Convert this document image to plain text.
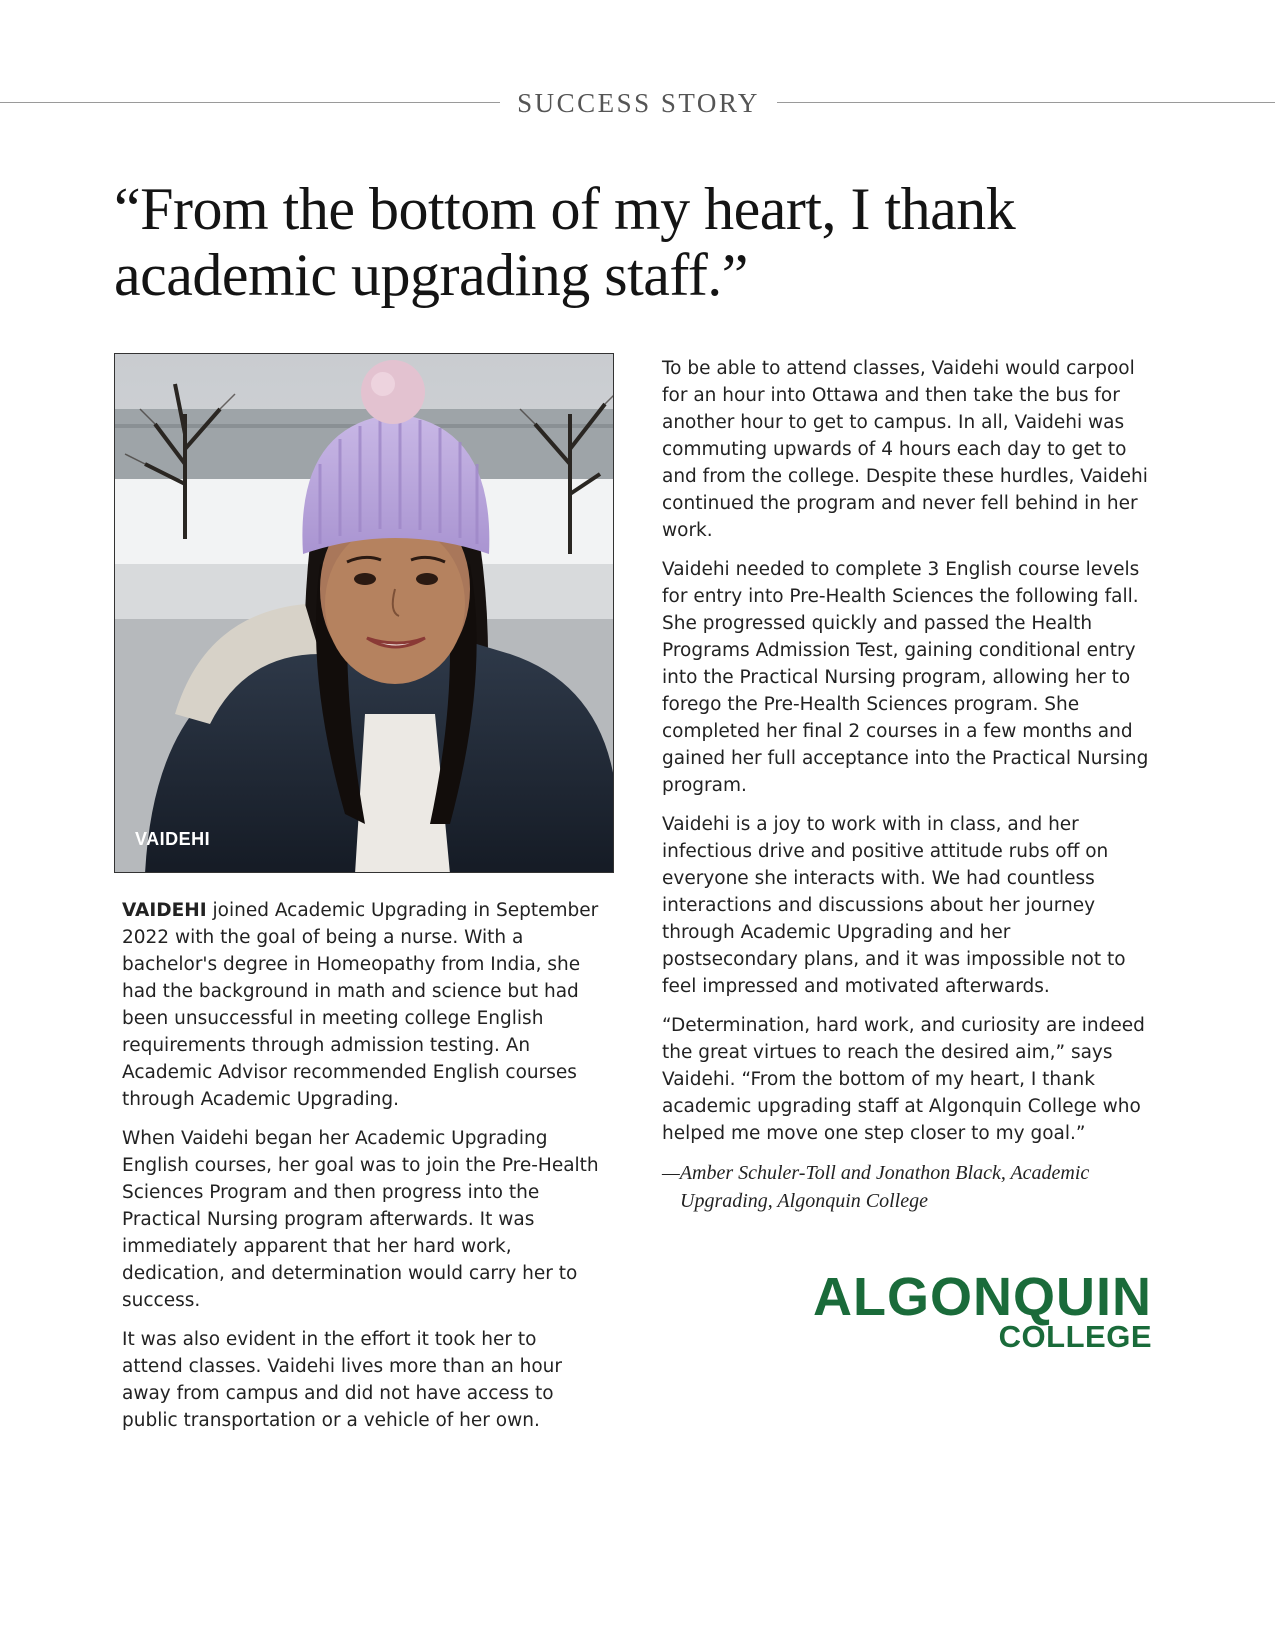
SUCCESS STORY
“From the bottom of my heart, I thank
academic upgrading staff.”
VAIDEHI

VAIDEHI joined Academic Upgrading in September 2022 with the goal of being a nurse. With a bachelor's degree in Homeopathy from India, she had the background in math and science but had been unsuccessful in meeting college English requirements through admission testing. An Academic Advisor recommended English courses through Academic Upgrading.

When Vaidehi began her Academic Upgrading English courses, her goal was to join the Pre-Health Sciences Program and then progress into the Practical Nursing program afterwards. It was immediately apparent that her hard work, dedication, and determination would carry her to success.

It was also evident in the effort it took her to attend classes. Vaidehi lives more than an hour away from campus and did not have access to public transportation or a vehicle of her own.

To be able to attend classes, Vaidehi would carpool for an hour into Ottawa and then take the bus for another hour to get to campus. In all, Vaidehi was commuting upwards of 4 hours each day to get to and from the college. Despite these hurdles, Vaidehi continued the program and never fell behind in her work.

Vaidehi needed to complete 3 English course levels for entry into Pre-Health Sciences the following fall. She progressed quickly and passed the Health Programs Admission Test, gaining conditional entry into the Practical Nursing program, allowing her to forego the Pre-Health Sciences program. She completed her final 2 courses in a few months and gained her full acceptance into the Practical Nursing program.

Vaidehi is a joy to work with in class, and her infectious drive and positive attitude rubs off on everyone she interacts with. We had countless interactions and discussions about her journey through Academic Upgrading and her postsecondary plans, and it was impossible not to feel impressed and motivated afterwards.

“Determination, hard work, and curiosity are indeed the great virtues to reach the desired aim,” says Vaidehi. “From the bottom of my heart, I thank academic upgrading staff at Algonquin College who helped me move one step closer to my goal.”

—Amber Schuler-Toll and Jonathon Black, Academic Upgrading, Algonquin College
ALGONQUIN
COLLEGE
